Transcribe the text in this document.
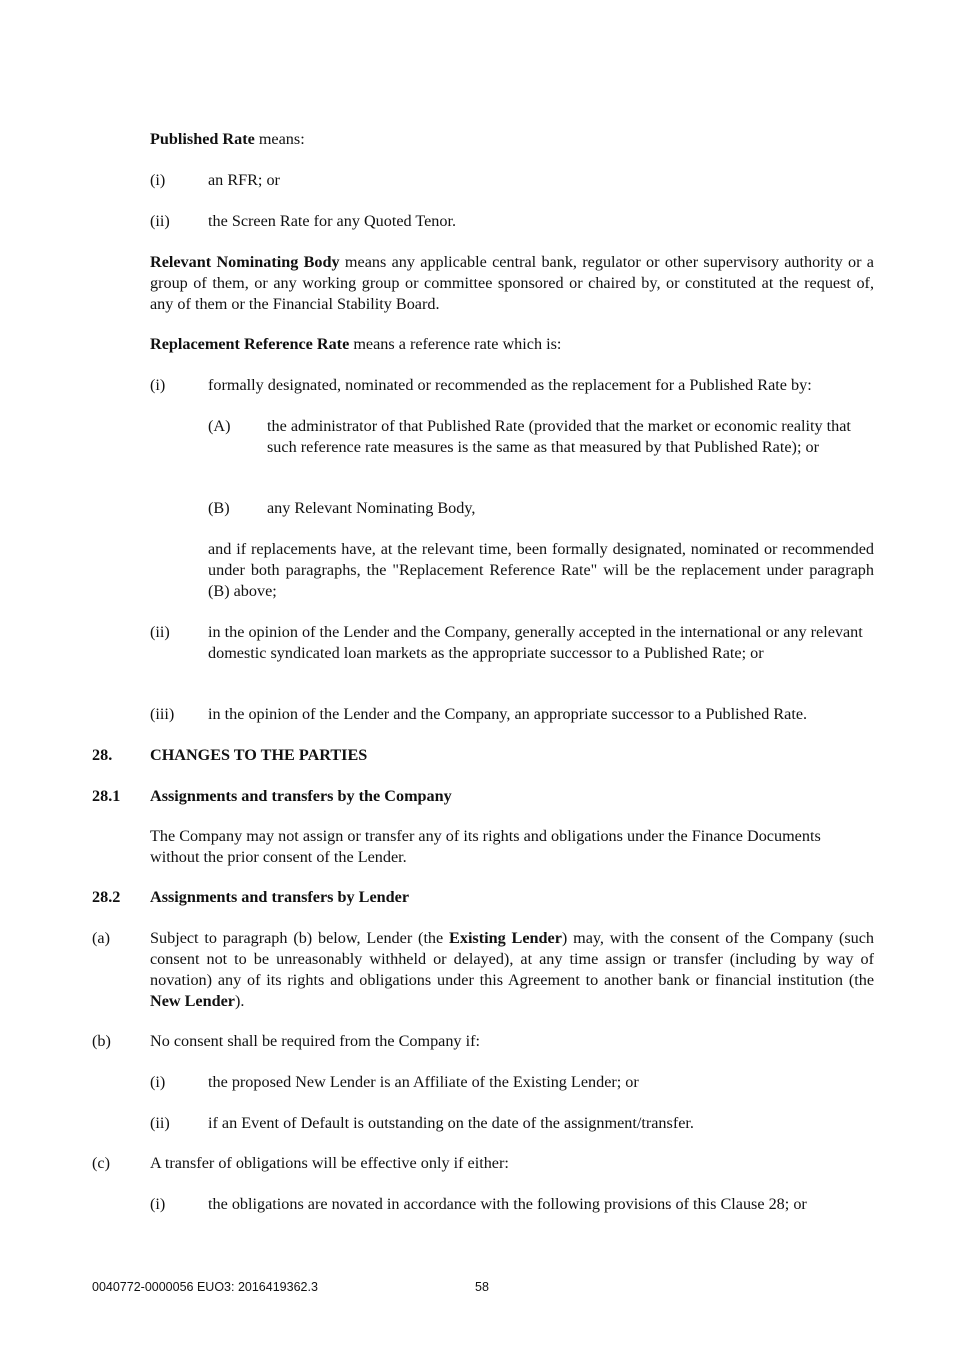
Published Rate means:

(i)	an RFR; or
(ii) the Screen Rate for any Quoted Tenor.

Relevant Nominating Body means any applicable central bank, regulator or other supervisory authority or a group of them, or any working group or committee sponsored or chaired by, or constituted at the request of, any of them or the Financial Stability Board.

Replacement Reference Rate means a reference rate which is:

(i)	formally designated, nominated or recommended as the replacement for a Published Rate by:

(A) the administrator of that Published Rate (provided that the market or economic reality that such reference rate measures is the same as that measured by that Published Rate); or

(B) any Relevant Nominating Body,

and if replacements have, at the relevant time, been formally designated, nominated or recommended under both paragraphs, the "Replacement Reference Rate" will be the replacement under paragraph (B) above;

(ii) in the opinion of the Lender and the Company, generally accepted in the international or any relevant domestic syndicated loan markets as the appropriate successor to a Published Rate; or

(iii) in the opinion of the Lender and the Company, an appropriate successor to a Published Rate.

28. CHANGES TO THE PARTIES
28.1 Assignments and transfers by the Company

The Company may not assign or transfer any of its rights and obligations under the Finance Documents without the prior consent of the Lender.

28.2 Assignments and transfers by Lender
(a) Subject to paragraph (b) below, Lender (the Existing Lender) may, with the consent of the Company (such consent not to be unreasonably withheld or delayed), at any time assign or transfer (including by way of novation) any of its rights and obligations under this Agreement to another bank or financial institution (the New Lender).

(b) No consent shall be required from the Company if:
(i)	the proposed New Lender is an Affiliate of the Existing Lender; or
(ii) if an Event of Default is outstanding on the date of the assignment/transfer.
(c) A transfer of obligations will be effective only if either:
(i)	the obligations are novated in accordance with the following provisions of this Clause 28; or
0040772-0000056 EUO3: 2016419362.3	58
